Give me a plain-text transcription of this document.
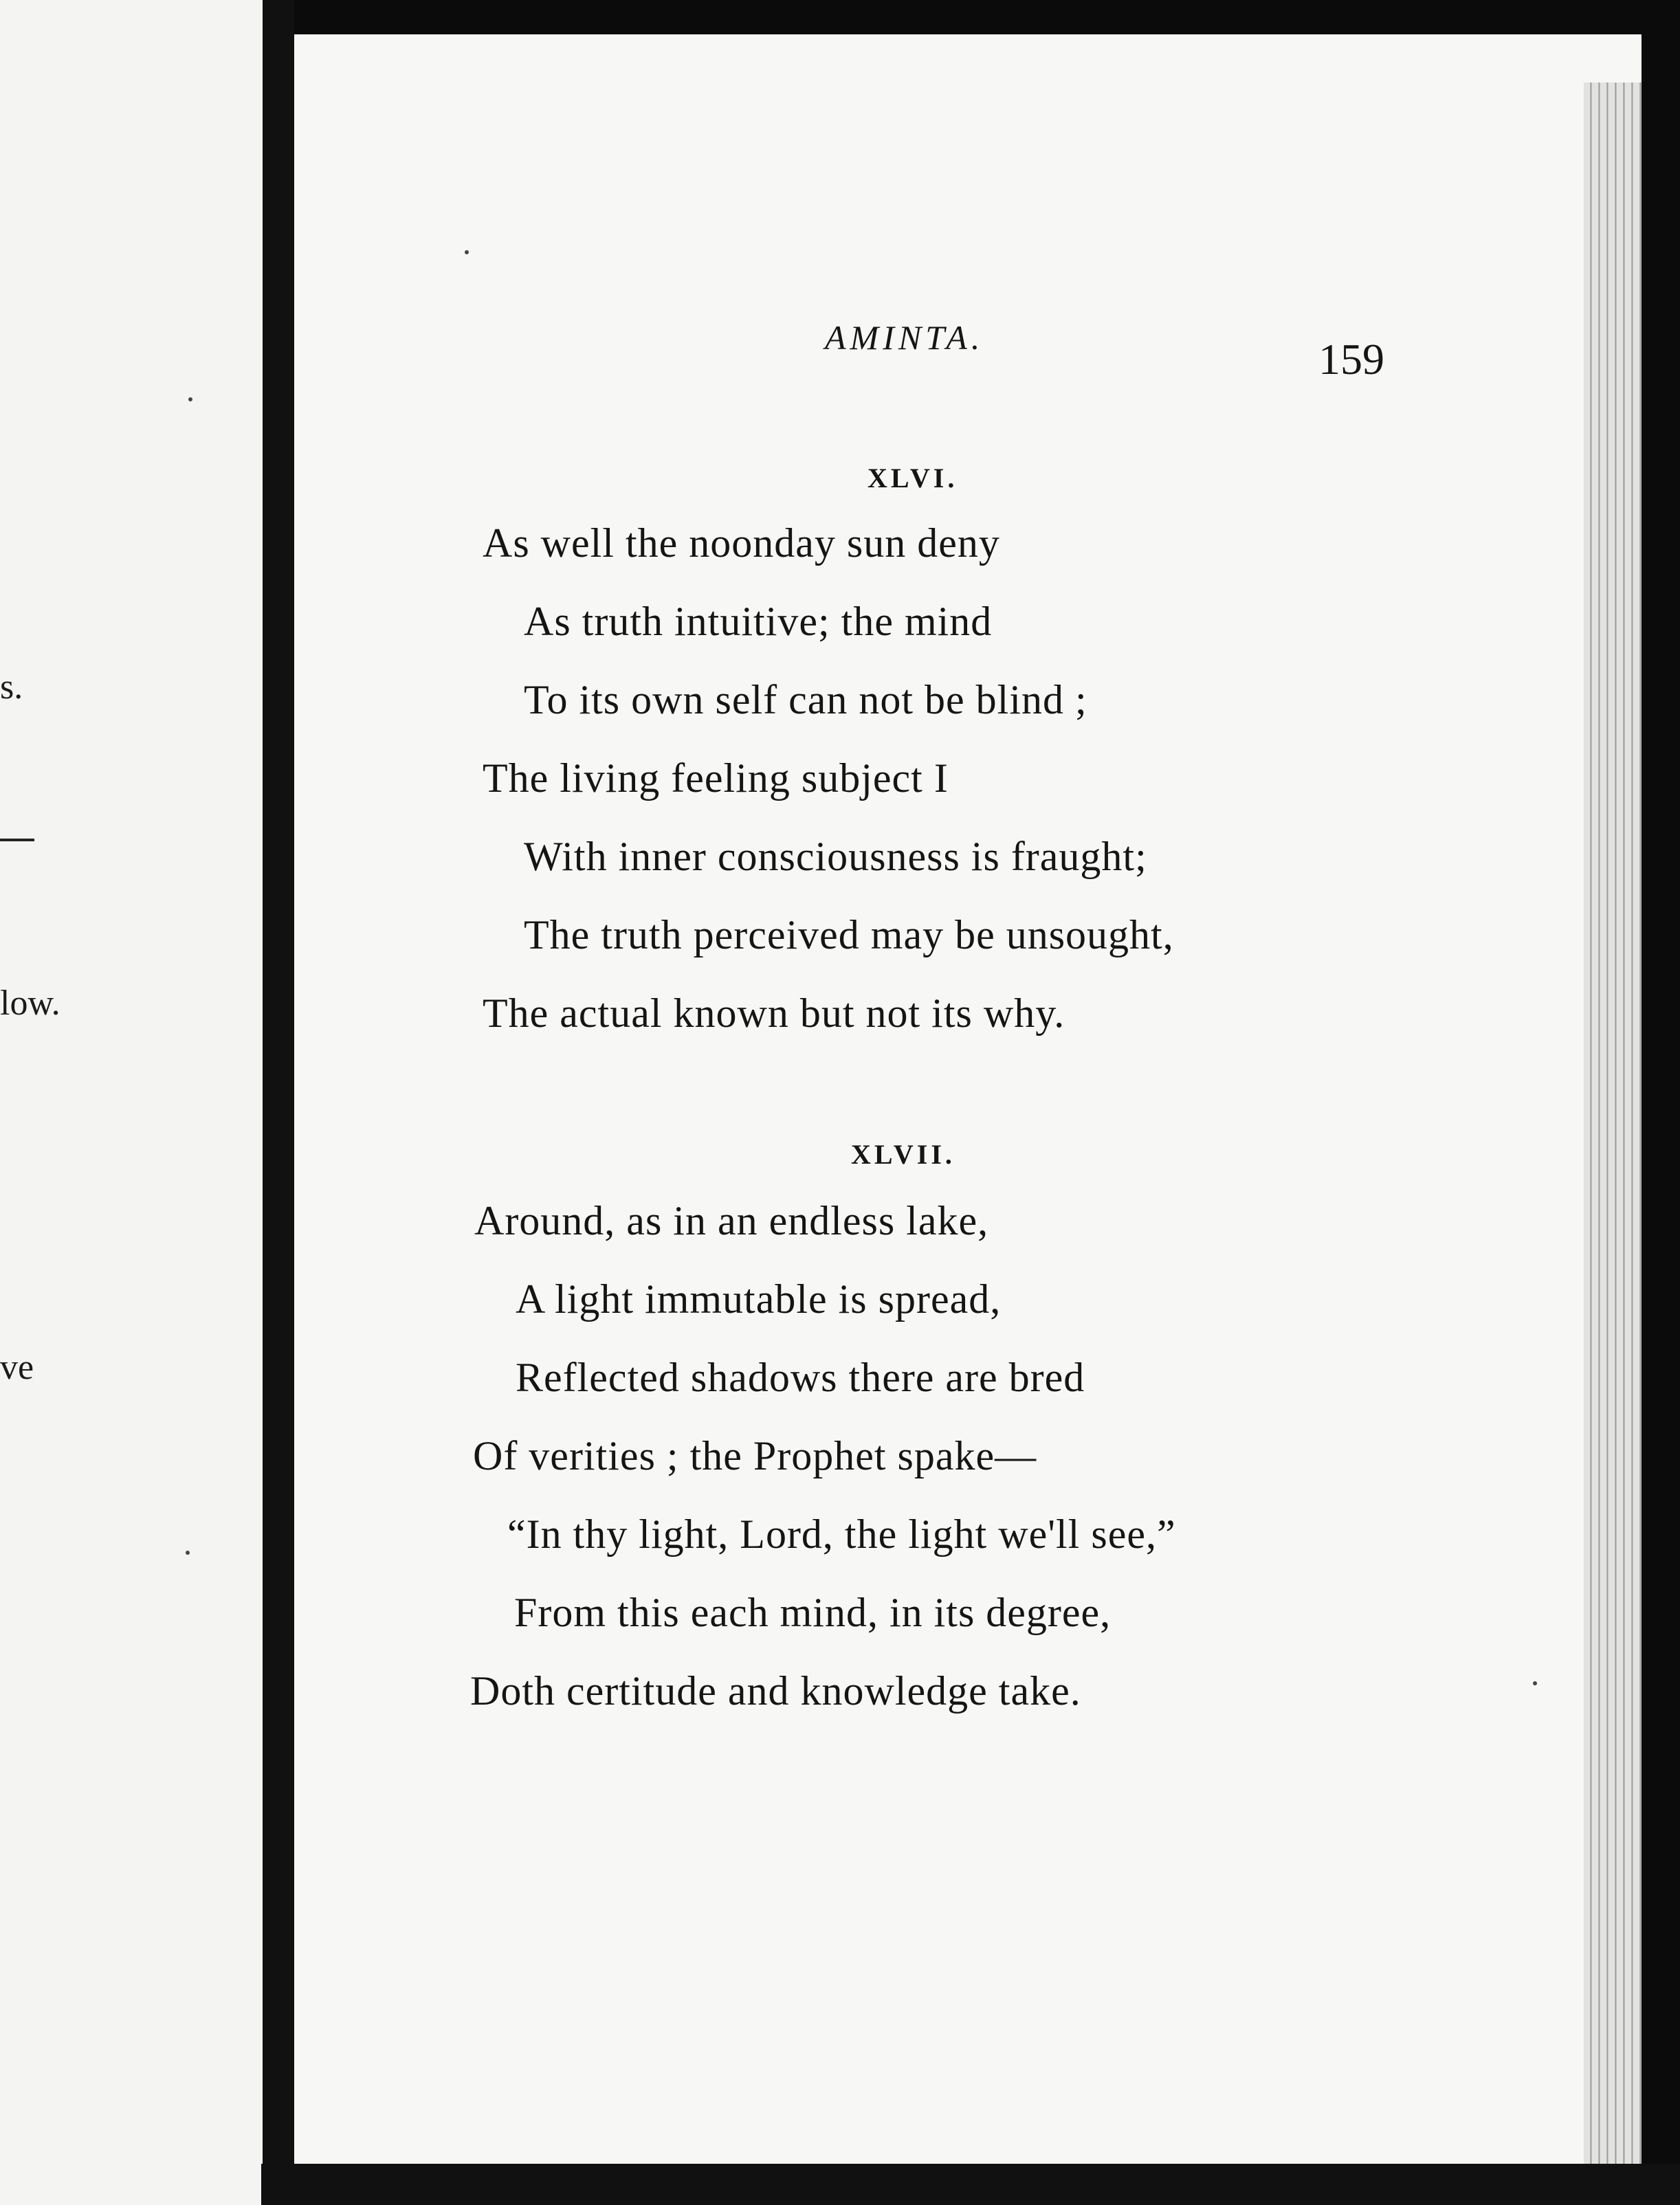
s.
low.
ve
AMINTA.	159
XLVI.
As well the noonday sun deny
As truth intuitive; the mind
To its own self can not be blind ;
The living feeling subject I
With inner consciousness is fraught;
The truth perceived may be unsought,
The actual known but not its why.
XLVII.
Around, as in an endless lake,
A light immutable is spread,
Reflected shadows there are bred
Of verities ; the Prophet spake—
“In thy light, Lord, the light we'll see,”
From this each mind, in its degree,
Doth certitude and knowledge take.
